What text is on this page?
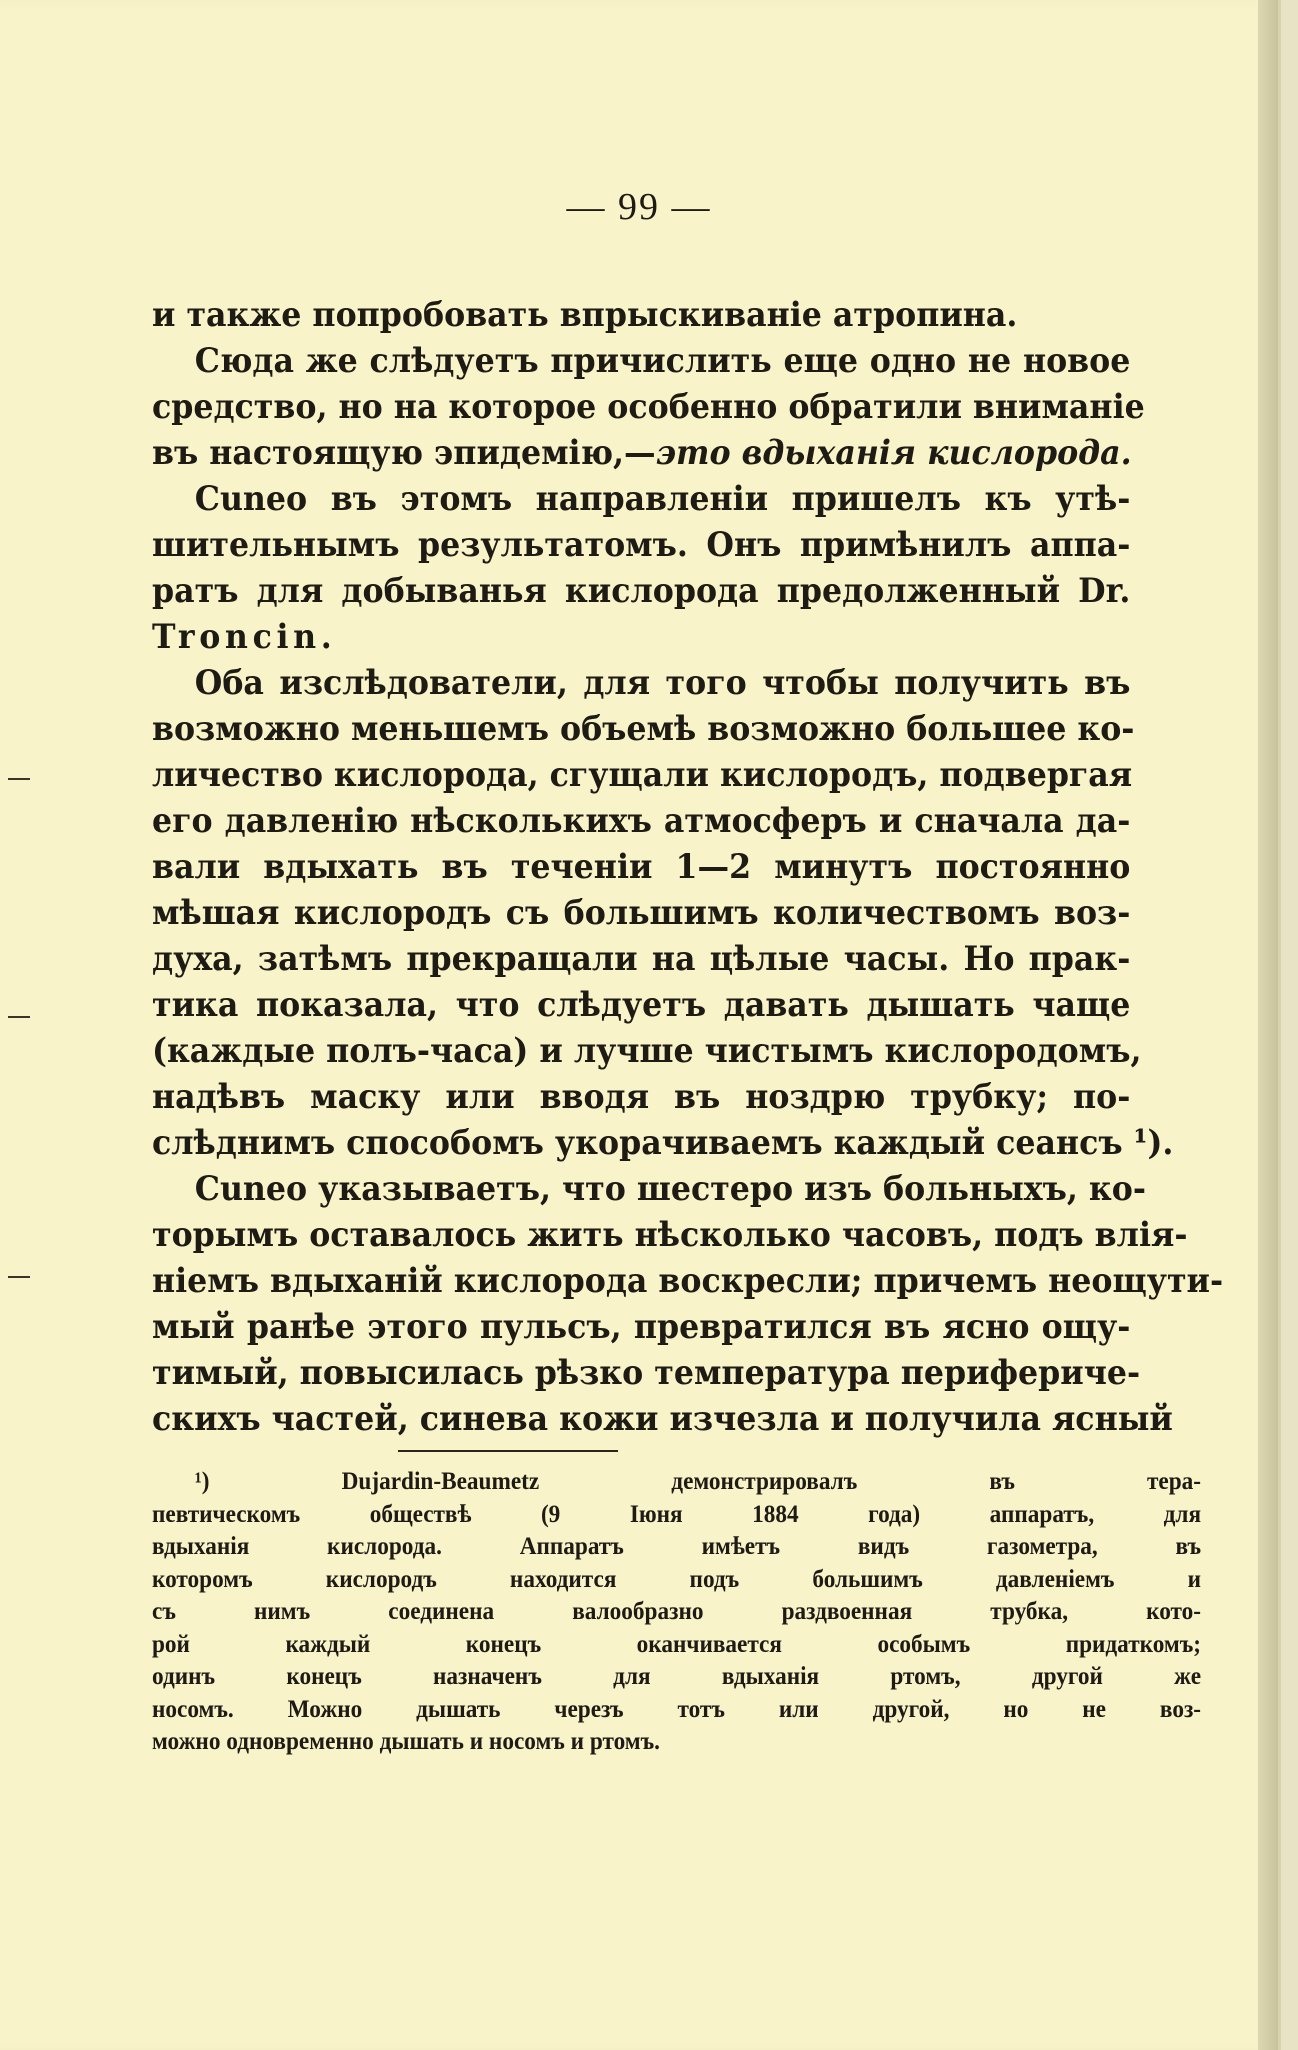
— 99 —
и также попробовать впрыскиваніе атропина.
Сюда же слѣдуетъ причислить еще одно не новое
средство, но на которое особенно обратили вниманіе
въ настоящую эпидемію,—это вдыханія кислорода.
Cuneo въ этомъ направленіи пришелъ къ утѣ-
шительнымъ результатомъ. Онъ примѣнилъ аппа-
ратъ для добыванья кислорода предолженный Dr.
Troncin.
Оба изслѣдователи, для того чтобы получить въ
возможно меньшемъ объемѣ возможно большее ко-
личество кислорода, сгущали кислородъ, подвергая
его давленію нѣсколькихъ атмосферъ и сначала да-
вали вдыхать въ теченіи 1—2 минутъ постоянно
мѣшая кислородъ съ большимъ количествомъ воз-
духа, затѣмъ прекращали на цѣлые часы. Но прак-
тика показала, что слѣдуетъ давать дышать чаще
(каждые полъ-часа) и лучше чистымъ кислородомъ,
надѣвъ маску или вводя въ ноздрю трубку; по-
слѣднимъ способомъ укорачиваемъ каждый сеансъ ¹).
Cuneo указываетъ, что шестеро изъ больныхъ, ко-
торымъ оставалось жить нѣсколько часовъ, подъ влія-
ніемъ вдыханій кислорода воскресли; причемъ неощути-
мый ранѣе этого пульсъ, превратился въ ясно ощу-
тимый, повысилась рѣзко температура перифериче-
скихъ частей, синева кожи изчезла и получила ясный
¹) Dujardin-Beaumetz демонстрировалъ въ тера-
певтическомъ обществѣ (9 Іюня 1884 года) аппаратъ, для
вдыханія кислорода. Аппаратъ имѣетъ видъ газометра, въ
которомъ кислородъ находится подъ большимъ давленіемъ и
съ нимъ соединена валообразно раздвоенная трубка, кото-
рой каждый конецъ оканчивается особымъ придаткомъ;
одинъ конецъ назначенъ для вдыханія ртомъ, другой же
носомъ. Можно дышать черезъ тотъ или другой, но не воз-
можно одновременно дышать и носомъ и ртомъ.
